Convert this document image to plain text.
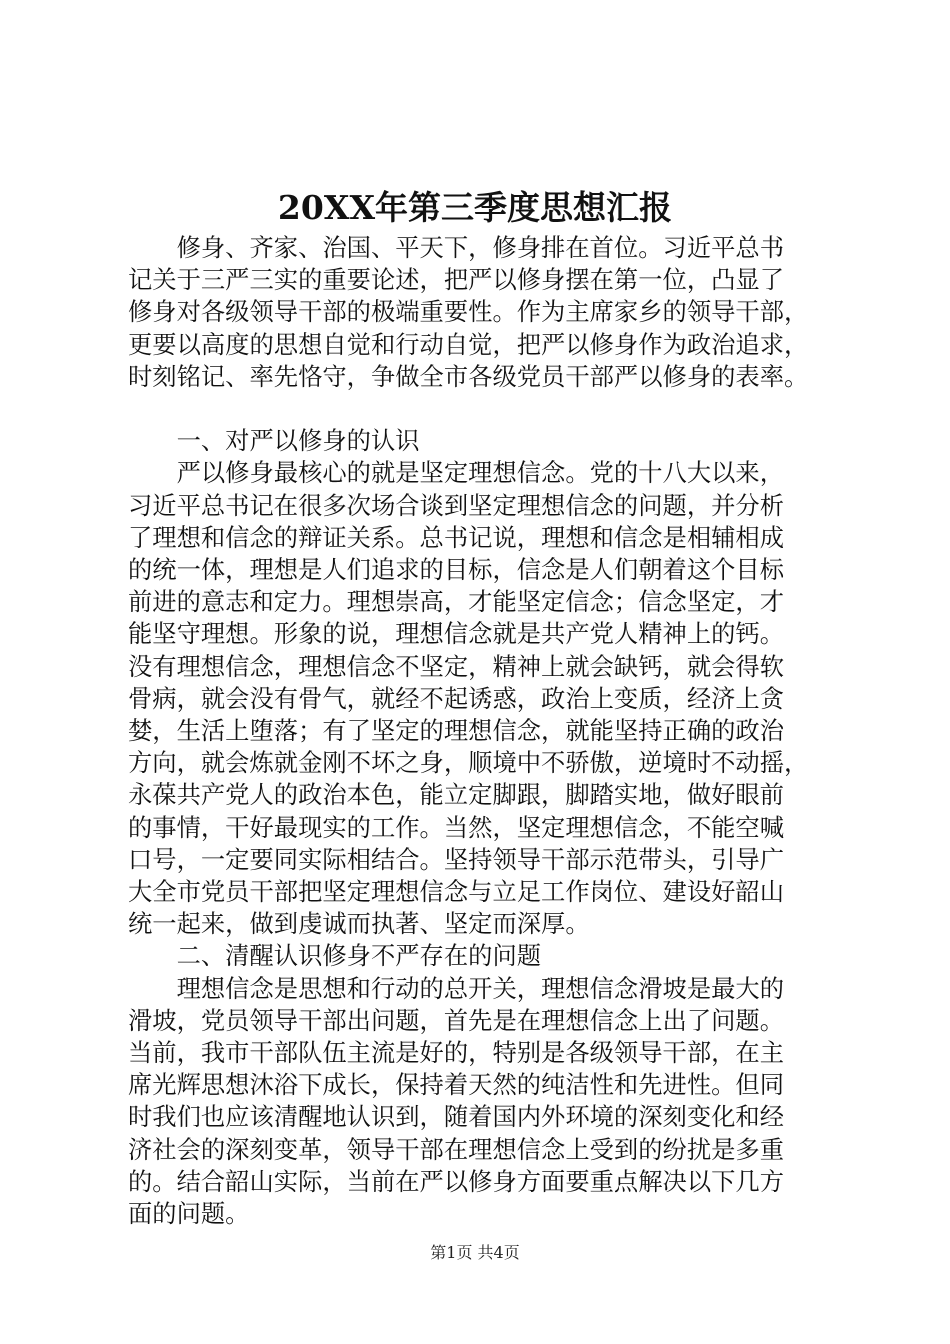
20XX年第三季度思想汇报

修身、齐家、治国、平天下，修身排在首位。习近平总书
记关于三严三实的重要论述，把严以修身摆在第一位，凸显了
修身对各级领导干部的极端重要性。作为主席家乡的领导干部，
更要以高度的思想自觉和行动自觉，把严以修身作为政治追求，
时刻铭记、率先恪守，争做全市各级党员干部严以修身的表率。

一、对严以修身的认识

严以修身最核心的就是坚定理想信念。党的十八大以来，
习近平总书记在很多次场合谈到坚定理想信念的问题，并分析
了理想和信念的辩证关系。总书记说，理想和信念是相辅相成
的统一体，理想是人们追求的目标，信念是人们朝着这个目标
前进的意志和定力。理想崇高，才能坚定信念；信念坚定，才
能坚守理想。形象的说，理想信念就是共产党人精神上的钙。
没有理想信念，理想信念不坚定，精神上就会缺钙，就会得软
骨病，就会没有骨气，就经不起诱惑，政治上变质，经济上贪
婪，生活上堕落；有了坚定的理想信念，就能坚持正确的政治
方向，就会炼就金刚不坏之身，顺境中不骄傲，逆境时不动摇，
永葆共产党人的政治本色，能立定脚跟，脚踏实地，做好眼前
的事情，干好最现实的工作。当然，坚定理想信念，不能空喊
口号，一定要同实际相结合。坚持领导干部示范带头，引导广
大全市党员干部把坚定理想信念与立足工作岗位、建设好韶山
统一起来，做到虔诚而执著、坚定而深厚。

二、清醒认识修身不严存在的问题

理想信念是思想和行动的总开关，理想信念滑坡是最大的
滑坡，党员领导干部出问题，首先是在理想信念上出了问题。
当前，我市干部队伍主流是好的，特别是各级领导干部，在主
席光辉思想沐浴下成长，保持着天然的纯洁性和先进性。但同
时我们也应该清醒地认识到，随着国内外环境的深刻变化和经
济社会的深刻变革，领导干部在理想信念上受到的纷扰是多重
的。结合韶山实际，当前在严以修身方面要重点解决以下几方
面的问题。

第1页 共4页
